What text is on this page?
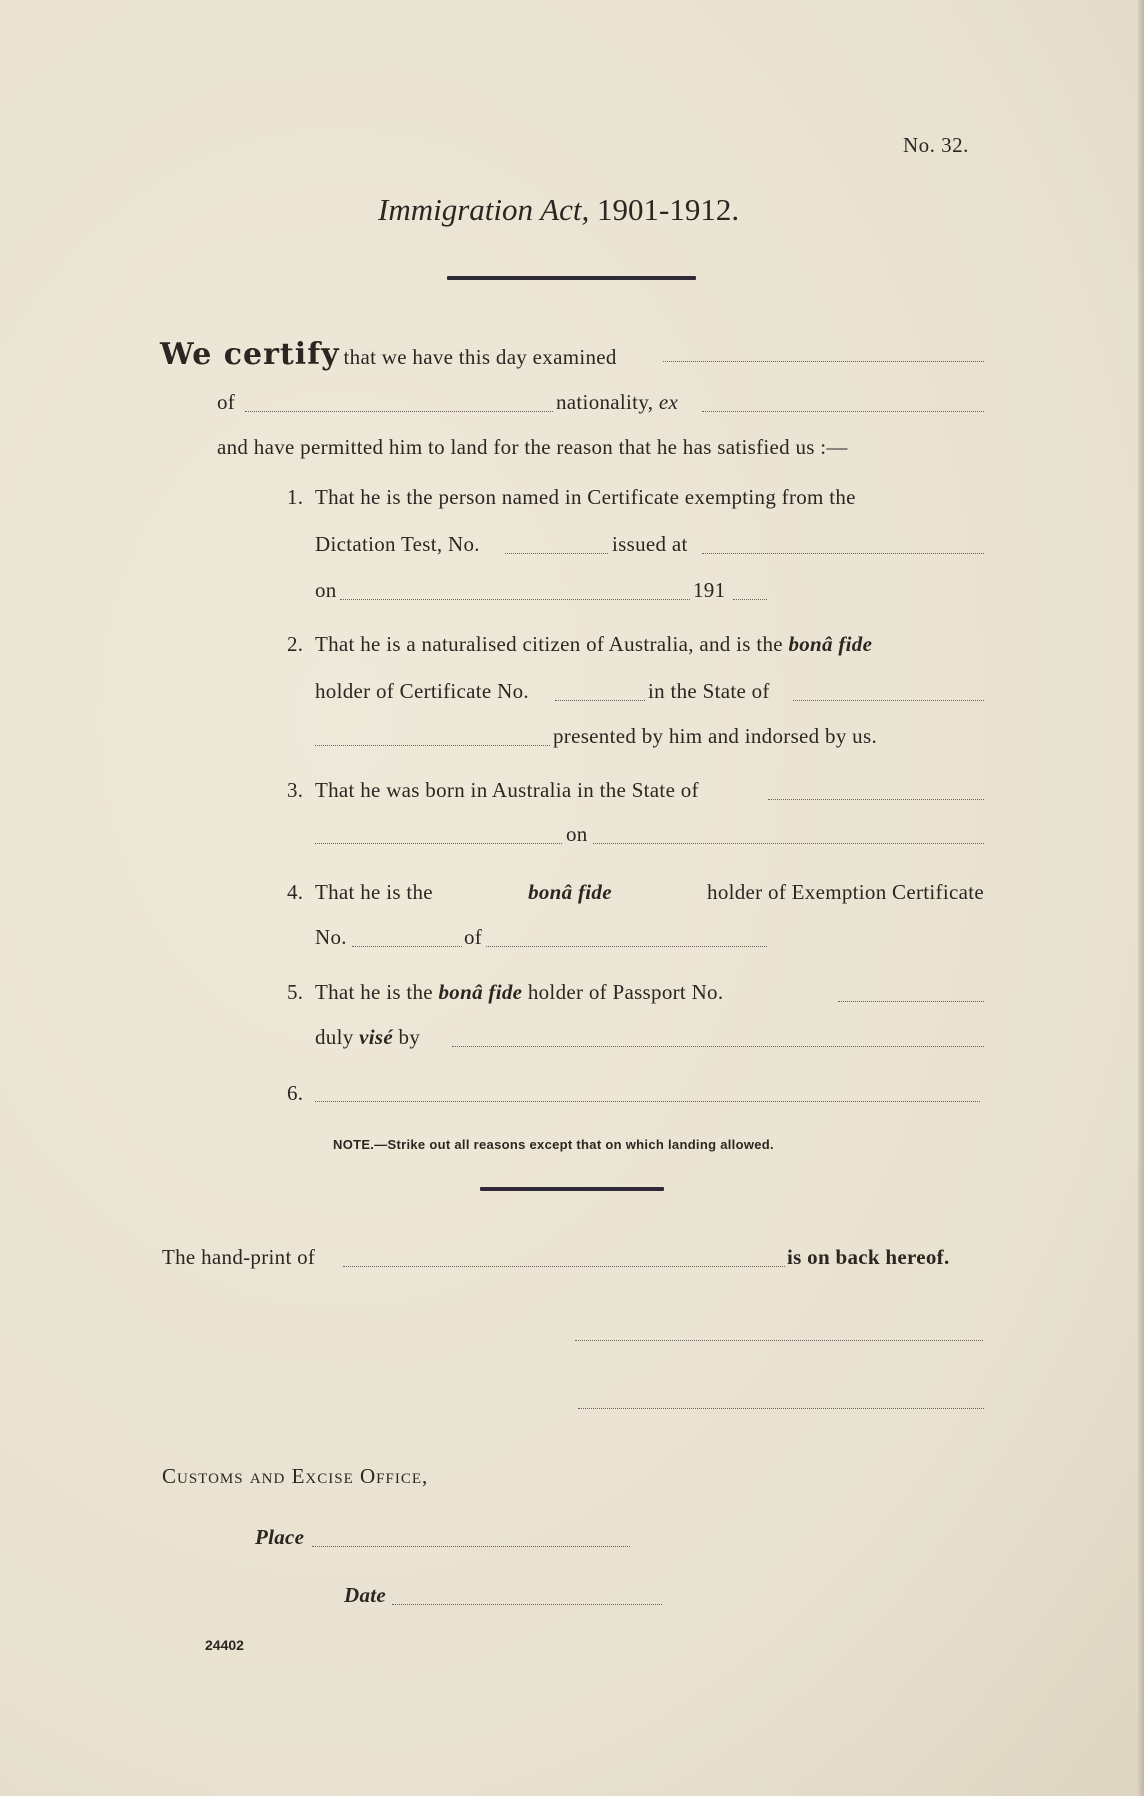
No. 32.
Immigration Act, 1901-1912.
We certify that we have this day examined
of	nationality, ex
and have permitted him to land for the reason that he has satisfied us :—
1. That he is the person named in Certificate exempting from the
Dictation Test, No.	issued at
on	191
2. That he is a naturalised citizen of Australia, and is the bonâ fide
holder of Certificate No.	in the State of
presented by him and indorsed by us.
3. That he was born in Australia in the State of
on
4. That he is the	bonâ fide	holder of Exemption Certificate
No.	of
5. That he is the bonâ fide holder of Passport No.
duly visé by
6.
NOTE.—Strike out all reasons except that on which landing allowed.
The hand-print of	is on back hereof.
Customs and Excise Office,
Place
Date
24402
